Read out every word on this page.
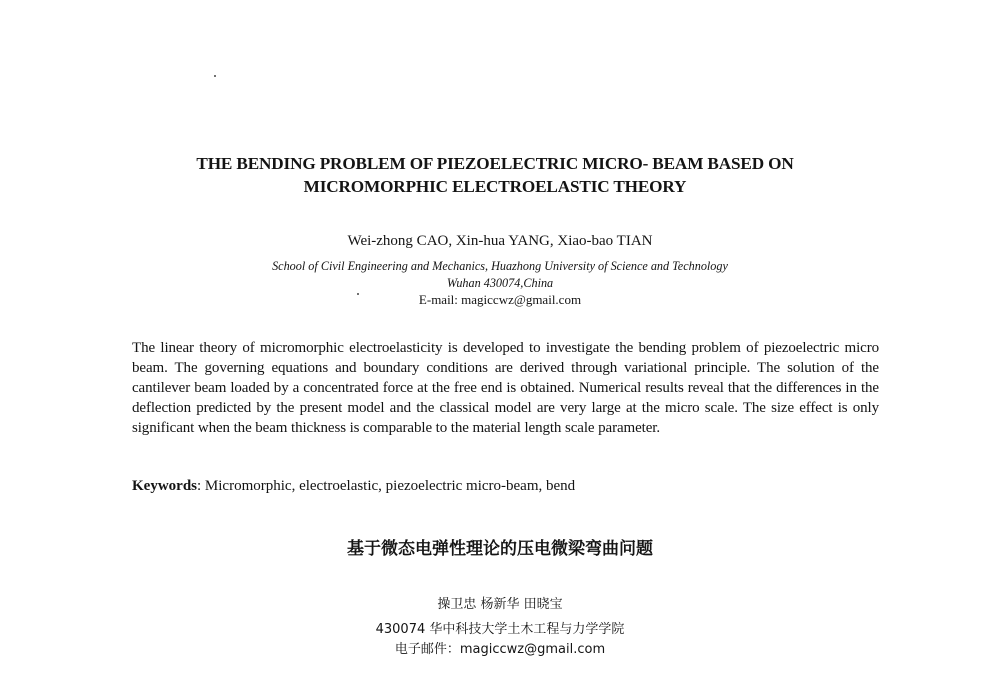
THE BENDING PROBLEM OF PIEZOELECTRIC MICRO- BEAM BASED ON
MICROMORPHIC ELECTROELASTIC THEORY
Wei-zhong CAO, Xin-hua YANG, Xiao-bao TIAN
School of Civil Engineering and Mechanics, Huazhong University of Science and Technology
Wuhan 430074,China
E-mail: magiccwz@gmail.com
The linear theory of micromorphic electroelasticity is developed to investigate the bending problem of piezoelectric micro beam. The governing equations and boundary conditions are derived through variational principle. The solution of the cantilever beam loaded by a concentrated force at the free end is obtained. Numerical results reveal that the differences in the deflection predicted by the present model and the classical model are very large at the micro scale. The size effect is only significant when the beam thickness is comparable to the material length scale parameter.
Keywords: Micromorphic, electroelastic, piezoelectric micro-beam, bend
基于微态电弹性理论的压电微梁弯曲问题
操卫忠 杨新华 田晓宝
430074 华中科技大学土木工程与力学学院
电子邮件：magiccwz@gmail.com
